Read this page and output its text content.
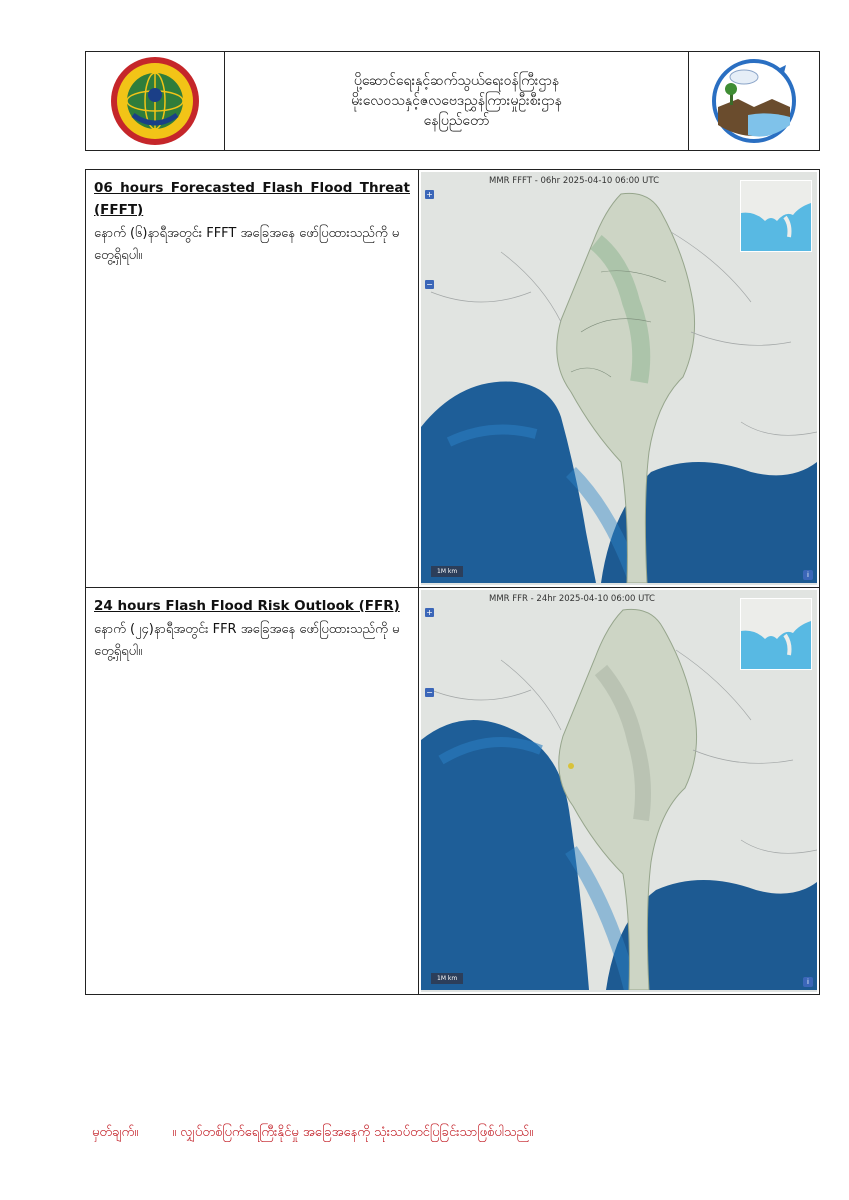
ပို့ဆောင်ရေးနှင့်ဆက်သွယ်ရေးဝန်ကြီးဌာန
မိုးလေဝသနှင့်ဇလဗေဒညွှန်ကြားမှုဦးစီးဌာန
နေပြည်တော်
06 hours Forecasted Flash Flood Threat (FFFT)
နောက် (၆)နာရီအတွင်း FFFT အခြေအနေ ဖော်ပြထားသည်ကို မတွေ့ရှိရပါ။
MMR FFFT - 06hr 2025-04-10 06:00 UTC
+
−
1M km	i
24 hours Flash Flood Risk Outlook (FFR)
နောက် (၂၄)နာရီအတွင်း FFR အခြေအနေ ဖော်ပြထားသည်ကို မတွေ့ရှိရပါ။
MMR FFR - 24hr 2025-04-10 06:00 UTC
+
−
1M km	i
မှတ်ချက်။	။ လျှပ်တစ်ပြက်ရေကြီးနိုင်မှု အခြေအနေကို သုံးသပ်တင်ပြခြင်းသာဖြစ်ပါသည်။
